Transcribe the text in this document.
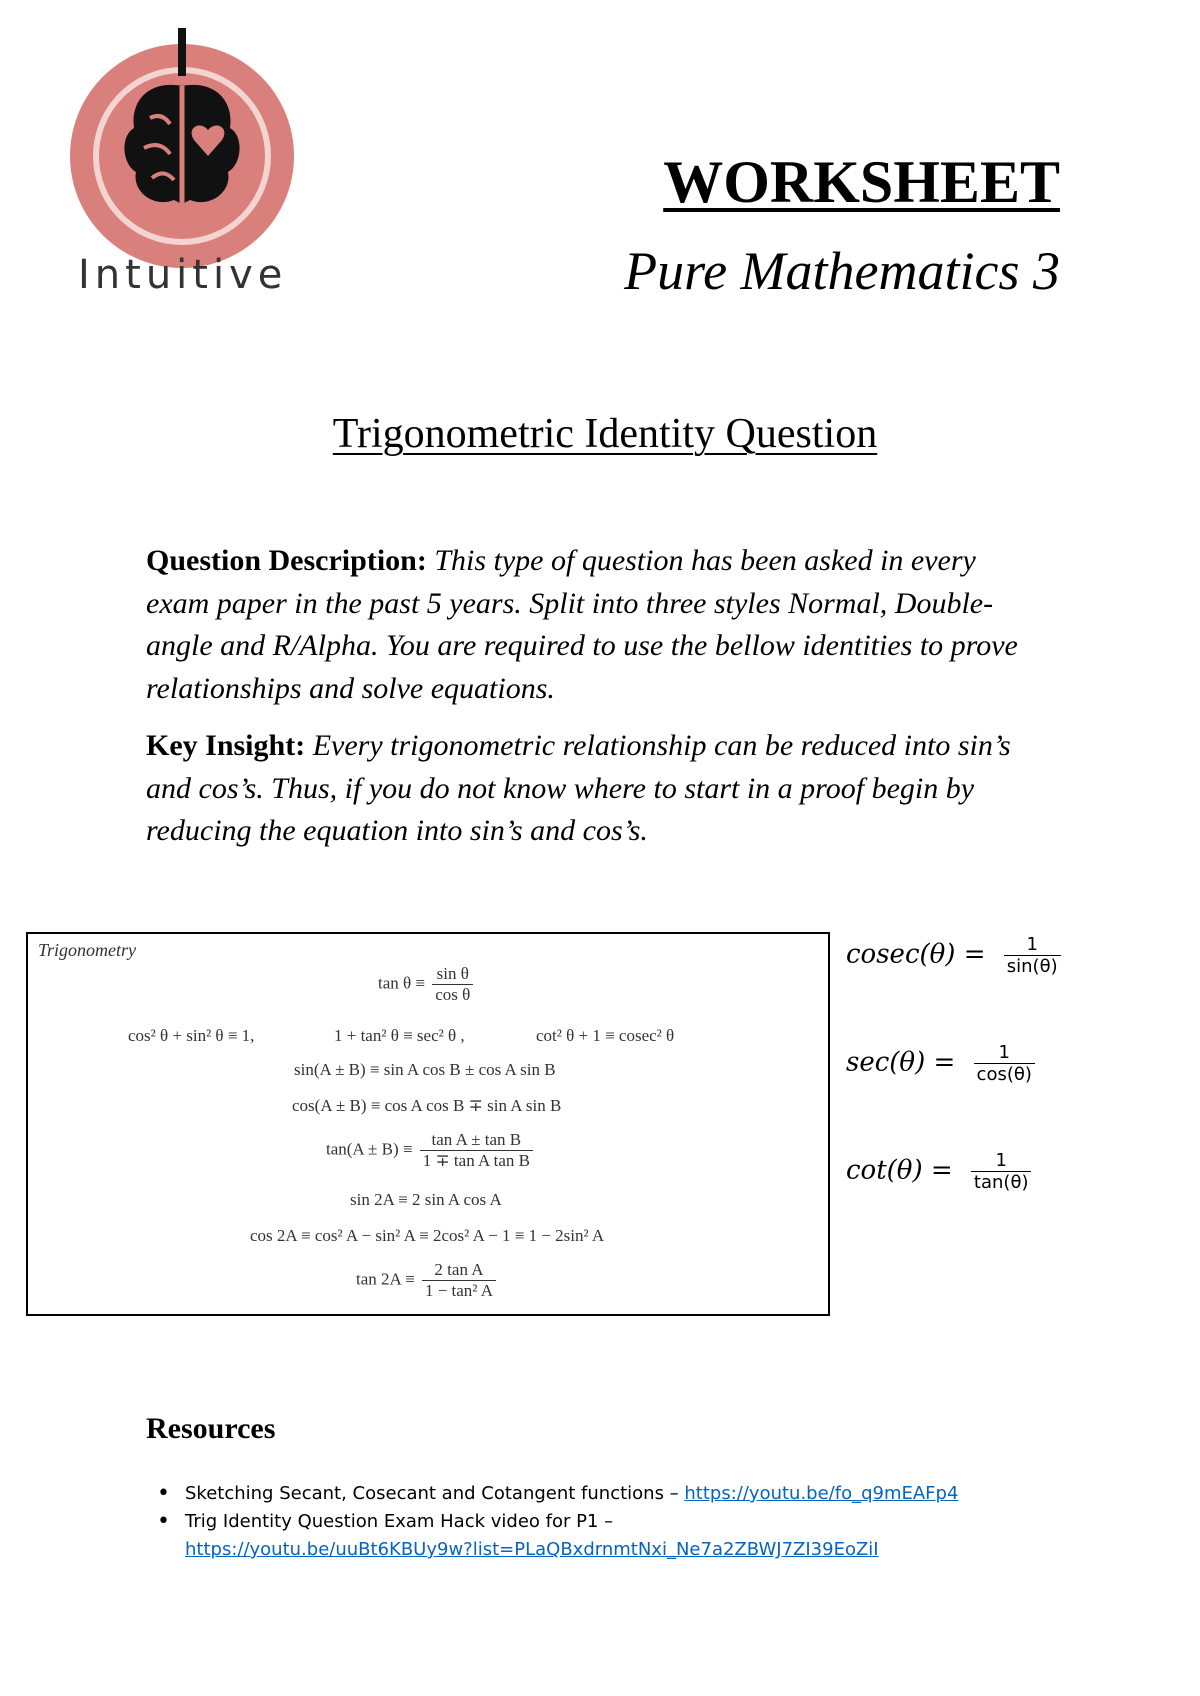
Intuitive
WORKSHEET
Pure Mathematics 3
Trigonometric Identity Question
Question Description: This type of question has been asked in every exam paper in the past 5 years. Split into three styles Normal, Double-angle and R/Alpha. You are required to use the bellow identities to prove relationships and solve equations.
Key Insight: Every trigonometric relationship can be reduced into sin’s and cos’s. Thus, if you do not know where to start in a proof begin by reducing the equation into sin’s and cos’s.
Trigonometry
$\tan \theta \equiv \frac{\text{sin θ}}{\text{cos θ}}$
cos² θ + sin² θ ≡ 1,	1 + tan² θ ≡ sec² θ ,	cot² θ + 1 ≡ cosec² θ
sin(A ± B) ≡ sin A cos B ± cos A sin B
cos(A ± B) ≡ cos A cos B ∓ sin A sin B
$\tan(A \pm B) \equiv \frac{\text{tan A ± tan B}}{\text{1 ∓ tan A tan B}}$
sin 2A ≡ 2 sin A cos A
cos 2A ≡ cos² A − sin² A ≡ 2cos² A − 1 ≡ 1 − 2sin² A
$\tan 2A \equiv \frac{\text{2 tan A}}{\text{1 − tan² A}}$
$cosec(\theta) = \frac{1}{\sin(\theta)}$
$\sec(\theta) = \frac{1}{\cos(\theta)}$
$\cot(\theta) = \frac{1}{\tan(\theta)}$
Resources
• Sketching Secant, Cosecant and Cotangent functions – https://youtu.be/fo_q9mEAFp4
• Trig Identity Question Exam Hack video for P1 –
https://youtu.be/uuBt6KBUy9w?list=PLaQBxdrnmtNxi_Ne7a2ZBWJ7ZI39EoZiI
